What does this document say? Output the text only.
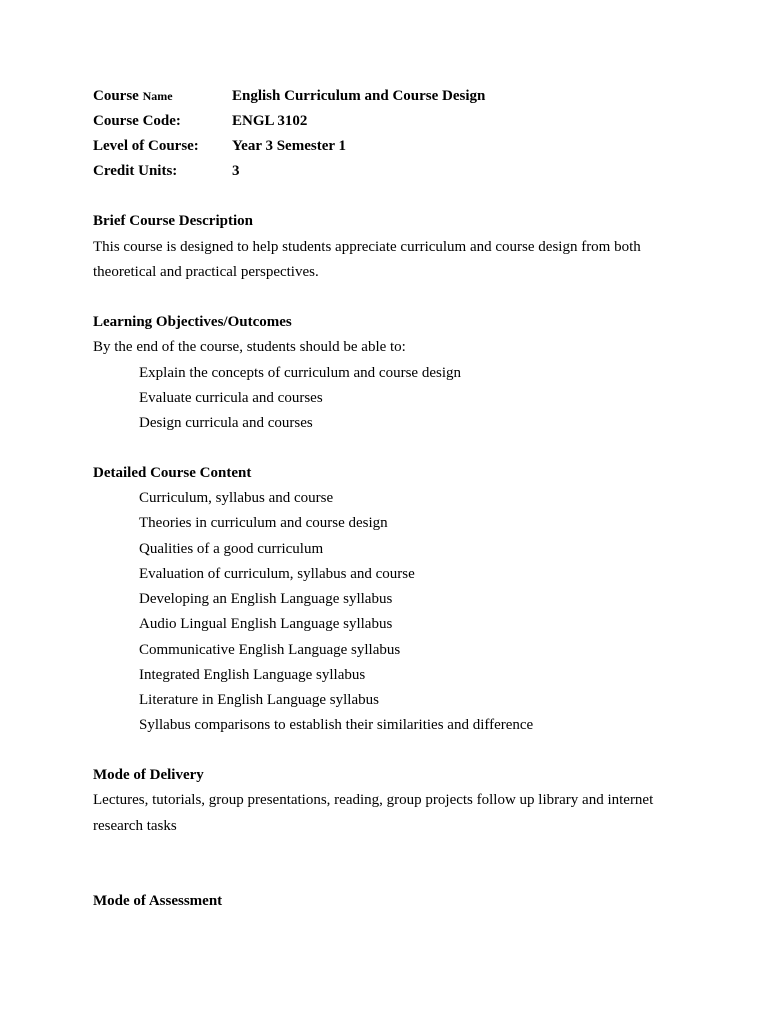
Course Name	English Curriculum and Course Design
Course Code:	ENGL 3102
Level of Course: Year 3 Semester 1
Credit Units:	3
Brief Course Description
This course is designed to help students appreciate curriculum and course design from both
theoretical and practical perspectives.
Learning Objectives/Outcomes
By the end of the course, students should be able to:
Explain the concepts of curriculum and course design
Evaluate curricula and courses
Design curricula and courses
Detailed Course Content
Curriculum, syllabus and course
Theories in curriculum and course design
Qualities of a good curriculum
Evaluation of curriculum, syllabus and course
Developing an English Language syllabus
Audio Lingual English Language syllabus
Communicative English Language syllabus
Integrated English Language syllabus
Literature in English Language syllabus
Syllabus comparisons to establish their similarities and difference
Mode of Delivery
Lectures, tutorials, group presentations, reading, group projects follow up library and internet
research tasks
Mode of Assessment
